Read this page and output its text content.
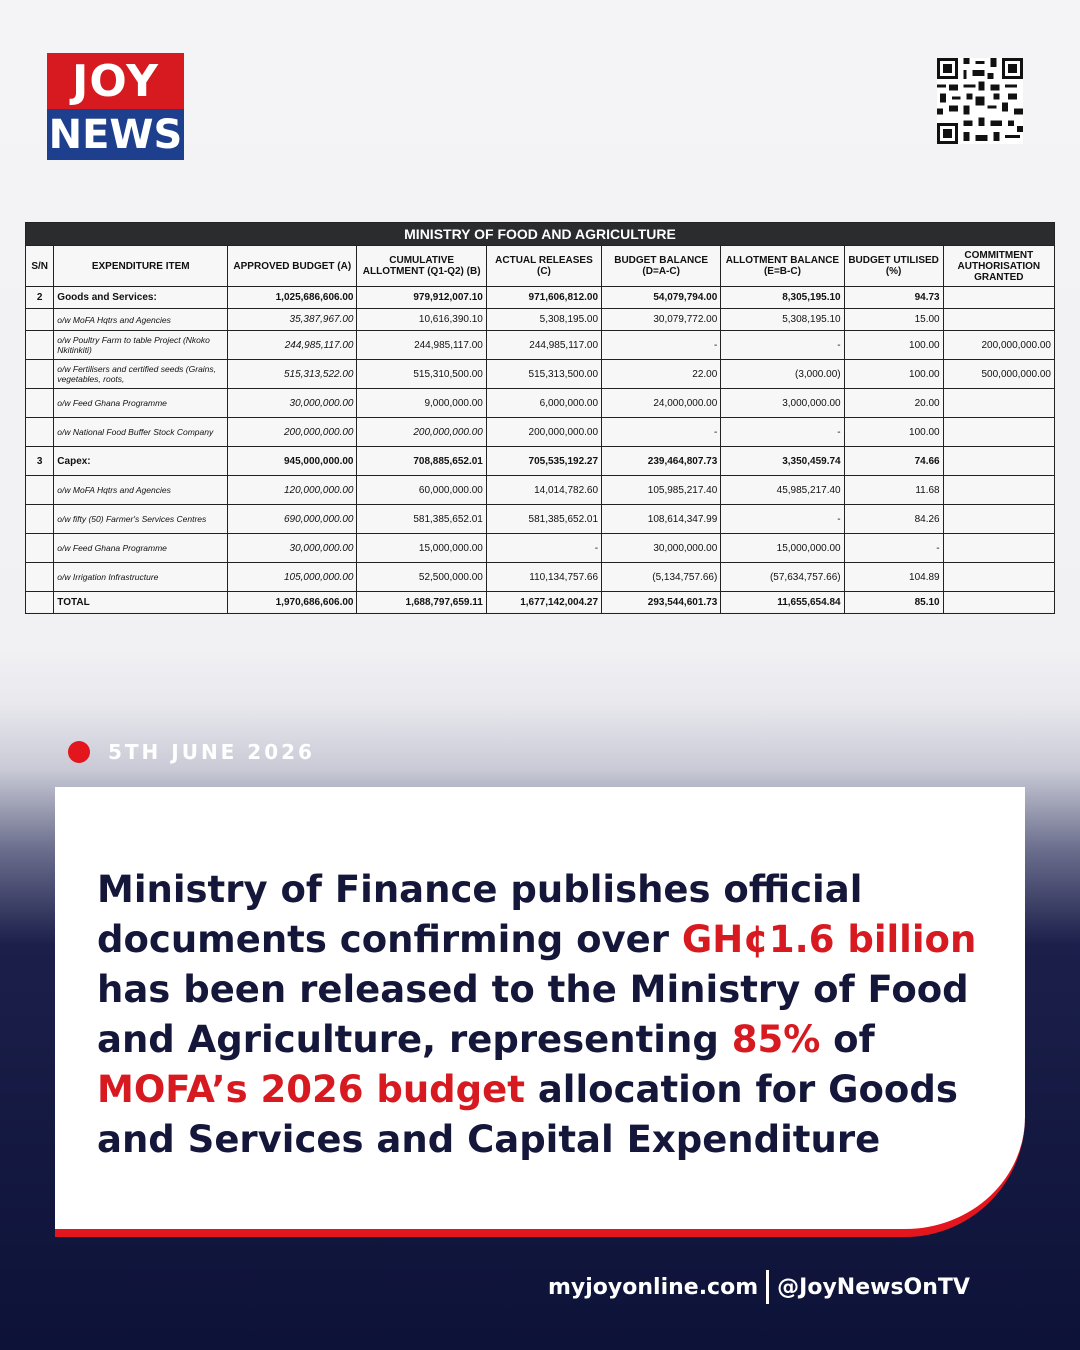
JOY
NEWS
MINISTRY OF FOOD AND AGRICULTURE								
S/N	EXPENDITURE ITEM	APPROVED BUDGET (A)	CUMULATIVE ALLOTMENT (Q1-Q2) (B)	ACTUAL RELEASES (C)	BUDGET BALANCE (D=A-C)	ALLOTMENT BALANCE (E=B-C)	BUDGET UTILISED (%)	COMMITMENT AUTHORISATION GRANTED
2	Goods and Services:	1,025,686,606.00	979,912,007.10	971,606,812.00	54,079,794.00	8,305,195.10	94.73	
	o/w MoFA Hqtrs and Agencies	35,387,967.00	10,616,390.10	5,308,195.00	30,079,772.00	5,308,195.10	15.00	
	o/w Poultry Farm to table Project (Nkoko Nkitinkiti)	244,985,117.00	244,985,117.00	244,985,117.00	-	-	100.00	200,000,000.00
	o/w Fertilisers and certified seeds (Grains, vegetables, roots,	515,313,522.00	515,310,500.00	515,313,500.00	22.00	(3,000.00)	100.00	500,000,000.00
	o/w Feed Ghana Programme	30,000,000.00	9,000,000.00	6,000,000.00	24,000,000.00	3,000,000.00	20.00	
	o/w National Food Buffer Stock Company	200,000,000.00	200,000,000.00	200,000,000.00	-	-	100.00	
3	Capex:	945,000,000.00	708,885,652.01	705,535,192.27	239,464,807.73	3,350,459.74	74.66	
	o/w MoFA Hqtrs and Agencies	120,000,000.00	60,000,000.00	14,014,782.60	105,985,217.40	45,985,217.40	11.68	
	o/w fifty (50) Farmer's Services Centres	690,000,000.00	581,385,652.01	581,385,652.01	108,614,347.99	-	84.26	
	o/w Feed Ghana Programme	30,000,000.00	15,000,000.00	-	30,000,000.00	15,000,000.00	-	
	o/w Irrigation Infrastructure	105,000,000.00	52,500,000.00	110,134,757.66	(5,134,757.66)	(57,634,757.66)	104.89	
	TOTAL	1,970,686,606.00	1,688,797,659.11	1,677,142,004.27	293,544,601.73	11,655,654.84	85.10	
5TH JUNE 2026
Ministry of Finance publishes official documents confirming over GH¢1.6 billion has been released to the Ministry of Food and Agriculture, representing 85% of MOFA’s 2026 budget allocation for Goods and Services and Capital Expenditure
myjoyonline.com @JoyNewsOnTV
